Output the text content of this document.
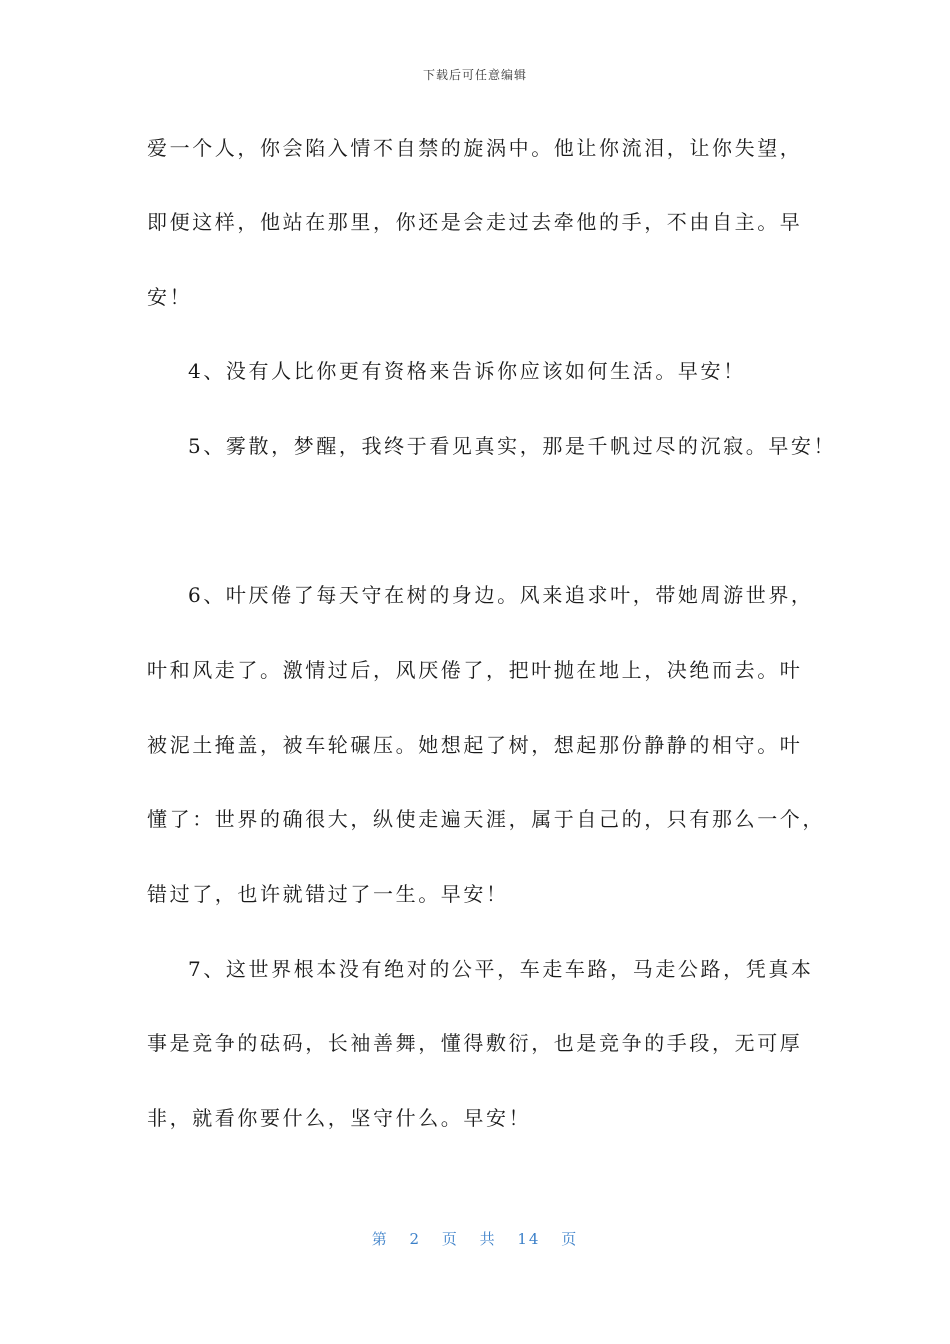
下载后可任意编辑
爱一个人，你会陷入情不自禁的旋涡中。他让你流泪，让你失望，
即便这样，他站在那里，你还是会走过去牵他的手，不由自主。早
安！
4、没有人比你更有资格来告诉你应该如何生活。早安！
5、雾散，梦醒，我终于看见真实，那是千帆过尽的沉寂。早安！
6、叶厌倦了每天守在树的身边。风来追求叶，带她周游世界，
叶和风走了。激情过后，风厌倦了，把叶抛在地上，决绝而去。叶
被泥土掩盖，被车轮碾压。她想起了树，想起那份静静的相守。叶
懂了：世界的确很大，纵使走遍天涯，属于自己的，只有那么一个，
错过了，也许就错过了一生。早安！
7、这世界根本没有绝对的公平，车走车路，马走公路，凭真本
事是竞争的砝码，长袖善舞，懂得敷衍，也是竞争的手段，无可厚
非，就看你要什么，坚守什么。早安！
第 2 页 共 14 页
